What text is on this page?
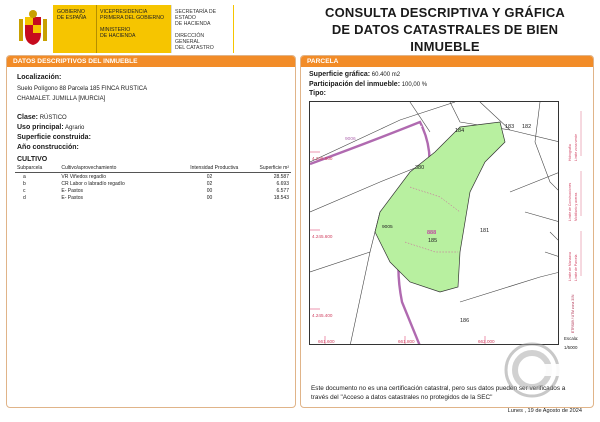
GOBIERNO
DE ESPAÑA

VICEPRESIDENCIA
PRIMERA DEL GOBIERNO

MINISTERIO
DE HACIENDA

SECRETARÍA DE ESTADO
DE HACIENDA

DIRECCIÓN GENERAL
DEL CATASTRO

CONSULTA DESCRIPTIVA Y GRÁFICA
DE DATOS CATASTRALES DE BIEN INMUEBLE
DATOS DESCRIPTIVOS DEL INMUEBLE
Localización:
Suelo Polígono 88 Parcela 185 FINCA RUSTICA
CHAMALET. JUMILLA [MURCIA]
Clase: RÚSTICO
Uso principal: Agrario
Superficie construida:
Año construcción:
CULTIVO
Subparcela	Cultivo/aprovechamiento	Intensidad Productiva	Superficie m²
a	VR Viñedos regadío	02	28.587
b	CR Labor o labradío regadío	02	6.693
c	E- Pastos	00	6.577
d	E- Pastos	00	18.543
PARCELA
Superficie gráfica: 60.400 m2
Participación del inmueble: 100,00 %
Tipo:
184
183 182
380
185
181
186
9005
9006
888
4.245.800
4.245.600
4.245.400
661.600	661.800	662.000
Hidrografía Límite zona verde
Límite de Construcciones Mobiliario y aceras
Límite de Manzana Límite de Parcela
ETRS89 / UTM zona 30N
Escala:
1/5000
Este documento no es una certificación catastral, pero sus datos pueden ser verificados a
través del "Acceso a datos catastrales no protegidos de la SEC"
Lunes , 19 de Agosto de 2024
